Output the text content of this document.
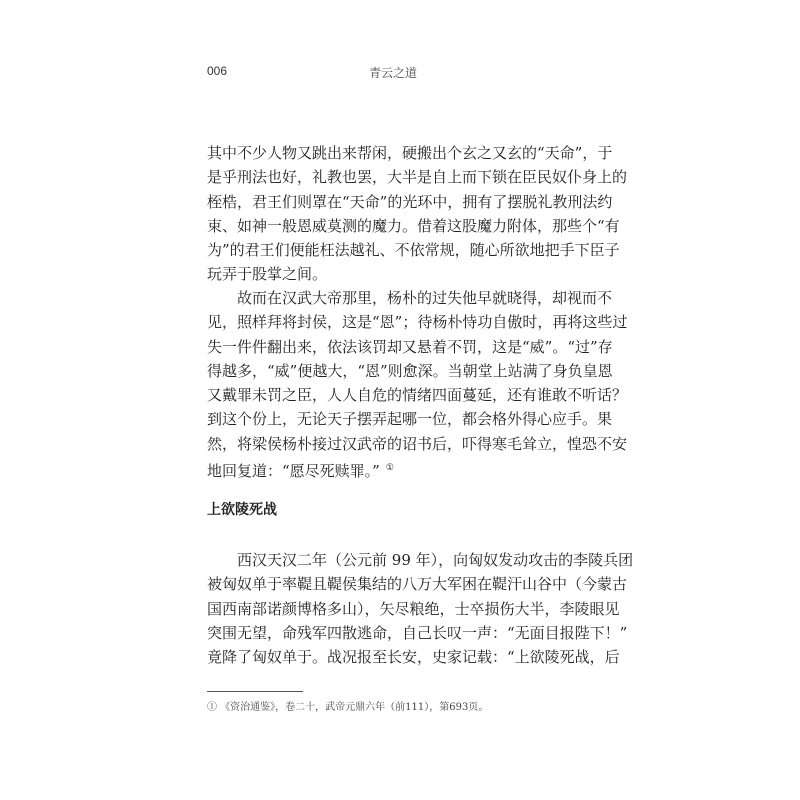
006	青云之道
其中不少人物又跳出来帮闲，硬搬出个玄之又玄的“天命”，于
是乎刑法也好，礼教也罢，大半是自上而下锁在臣民奴仆身上的
桎梏，君王们则罩在“天命”的光环中，拥有了摆脱礼教刑法约
束、如神一般恩威莫测的魔力。借着这股魔力附体，那些个“有
为”的君王们便能枉法越礼、不依常规，随心所欲地把手下臣子
玩弄于股掌之间。
故而在汉武大帝那里，杨朴的过失他早就晓得，却视而不
见，照样拜将封侯，这是“恩”；待杨朴恃功自傲时，再将这些过
失一件件翻出来，依法该罚却又悬着不罚，这是“威”。“过”存
得越多，“威”便越大，“恩”则愈深。当朝堂上站满了身负皇恩
又戴罪未罚之臣，人人自危的情绪四面蔓延，还有谁敢不听话？
到这个份上，无论天子摆弄起哪一位，都会格外得心应手。果
然，将梁侯杨朴接过汉武帝的诏书后，吓得寒毛耸立，惶恐不安
地回复道：“愿尽死赎罪。” ①
上欲陵死战
西汉天汉二年（公元前 99 年），向匈奴发动攻击的李陵兵团
被匈奴单于率鞮且鞮侯集结的八万大军困在鞮汗山谷中（今蒙古
国西南部诺颜博格多山），矢尽粮绝，士卒损伤大半，李陵眼见
突围无望，命残军四散逃命，自己长叹一声：“无面目报陛下！”
竟降了匈奴单于。战况报至长安，史家记载：“上欲陵死战，后
① 《资治通鉴》，卷二十，武帝元鼎六年（前111），第693页。
